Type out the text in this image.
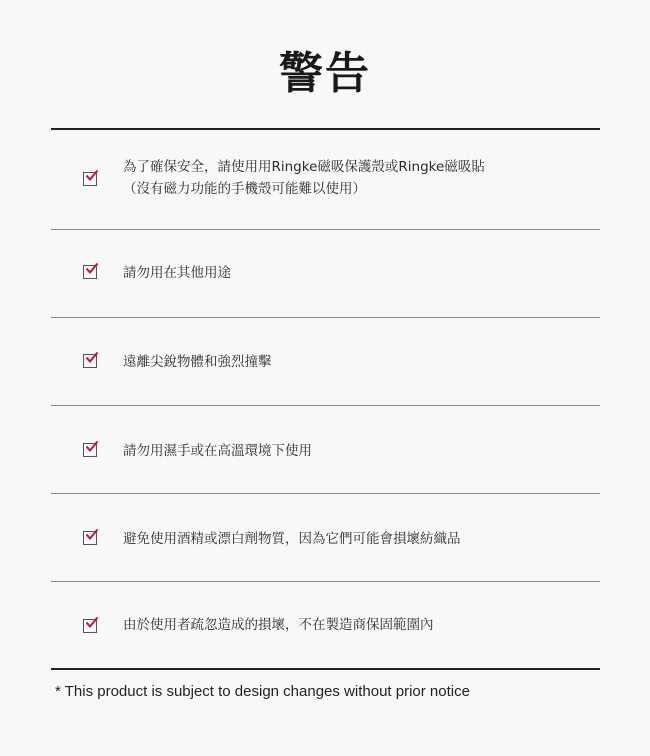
警告
為了確保安全，請使用用Ringke磁吸保護殼或Ringke磁吸貼
（沒有磁力功能的手機殼可能難以使用）
請勿用在其他用途
遠離尖銳物體和強烈撞擊
請勿用濕手或在高溫環境下使用
避免使用酒精或漂白劑物質，因為它們可能會損壞紡織品
由於使用者疏忽造成的損壞，不在製造商保固範圍內
* This product is subject to design changes without prior notice
